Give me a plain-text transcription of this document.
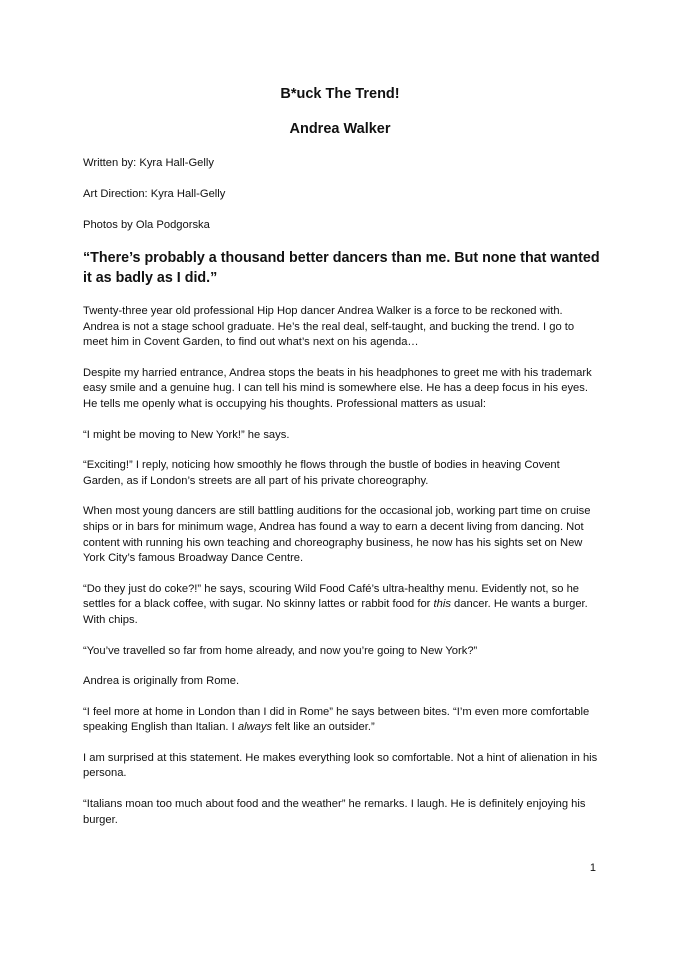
B*uck The Trend!
Andrea Walker
Written by: Kyra Hall-Gelly
Art Direction: Kyra Hall-Gelly
Photos by Ola Podgorska
“There’s probably a thousand better dancers than me. But none that wanted it as badly as I did.”

Twenty-three year old professional Hip Hop dancer Andrea Walker is a force to be reckoned with. Andrea is not a stage school graduate. He’s the real deal, self-taught, and bucking the trend. I go to meet him in Covent Garden, to find out what’s next on his agenda…

Despite my harried entrance, Andrea stops the beats in his headphones to greet me with his trademark easy smile and a genuine hug. I can tell his mind is somewhere else. He has a deep focus in his eyes. He tells me openly what is occupying his thoughts. Professional matters as usual:

“I might be moving to New York!” he says.

“Exciting!” I reply, noticing how smoothly he flows through the bustle of bodies in heaving Covent Garden, as if London’s streets are all part of his private choreography.

When most young dancers are still battling auditions for the occasional job, working part time on cruise ships or in bars for minimum wage, Andrea has found a way to earn a decent living from dancing. Not content with running his own teaching and choreography business, he now has his sights set on New York City’s famous Broadway Dance Centre.

“Do they just do coke?!” he says, scouring Wild Food Café’s ultra-healthy menu. Evidently not, so he settles for a black coffee, with sugar. No skinny lattes or rabbit food for this dancer. He wants a burger. With chips.

“You’ve travelled so far from home already, and now you’re going to New York?”

Andrea is originally from Rome.

“I feel more at home in London than I did in Rome” he says between bites. “I’m even more comfortable speaking English than Italian. I always felt like an outsider.”

I am surprised at this statement. He makes everything look so comfortable. Not a hint of alienation in his persona.

“Italians moan too much about food and the weather” he remarks. I laugh. He is definitely enjoying his burger.

1
